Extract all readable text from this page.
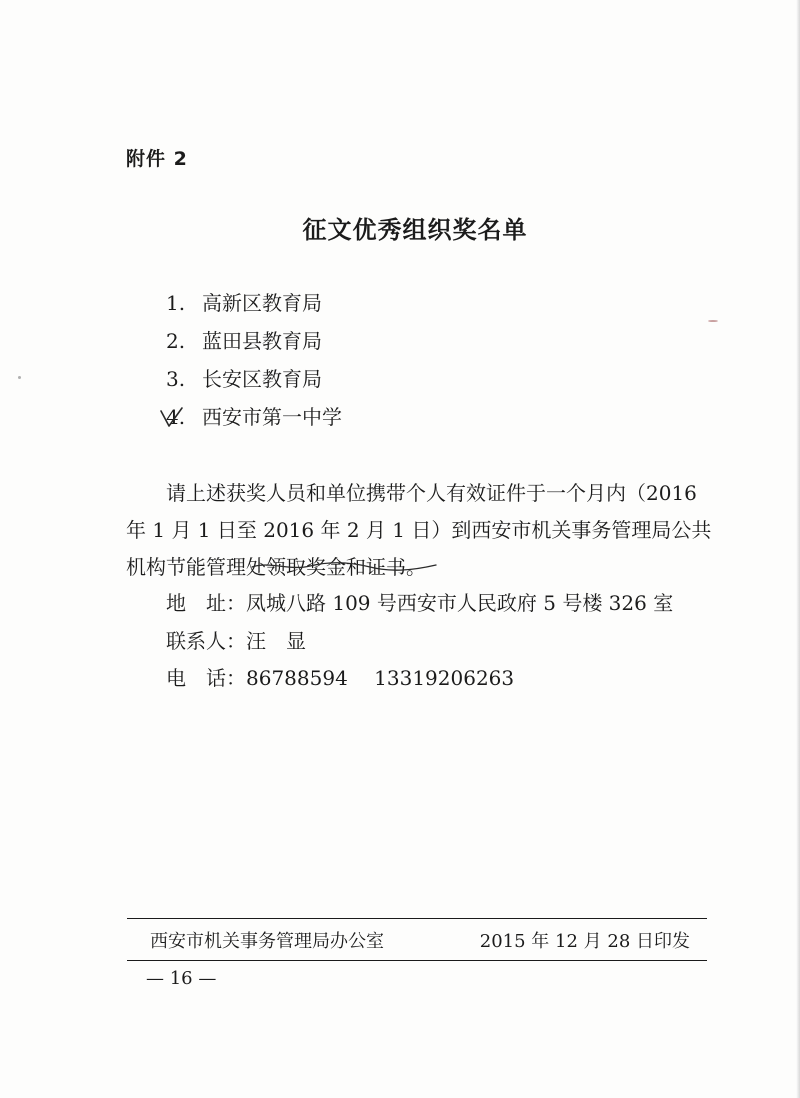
附件 2
征文优秀组织奖名单
1. 高新区教育局
2. 蓝田县教育局
3. 长安区教育局
4. 西安市第一中学

请上述获奖人员和单位携带个人有效证件于一个月内（2016 年 1 月 1 日至 2016 年 2 月 1 日）到西安市机关事务管理局公共机构节能管理处领取奖金和证书。

地　址：凤城八路 109 号西安市人民政府 5 号楼 326 室
联系人：汪　显
电　话：86788594　 13319206263
西安市机关事务管理局办公室	2015 年 12 月 28 日印发
— 16 —
